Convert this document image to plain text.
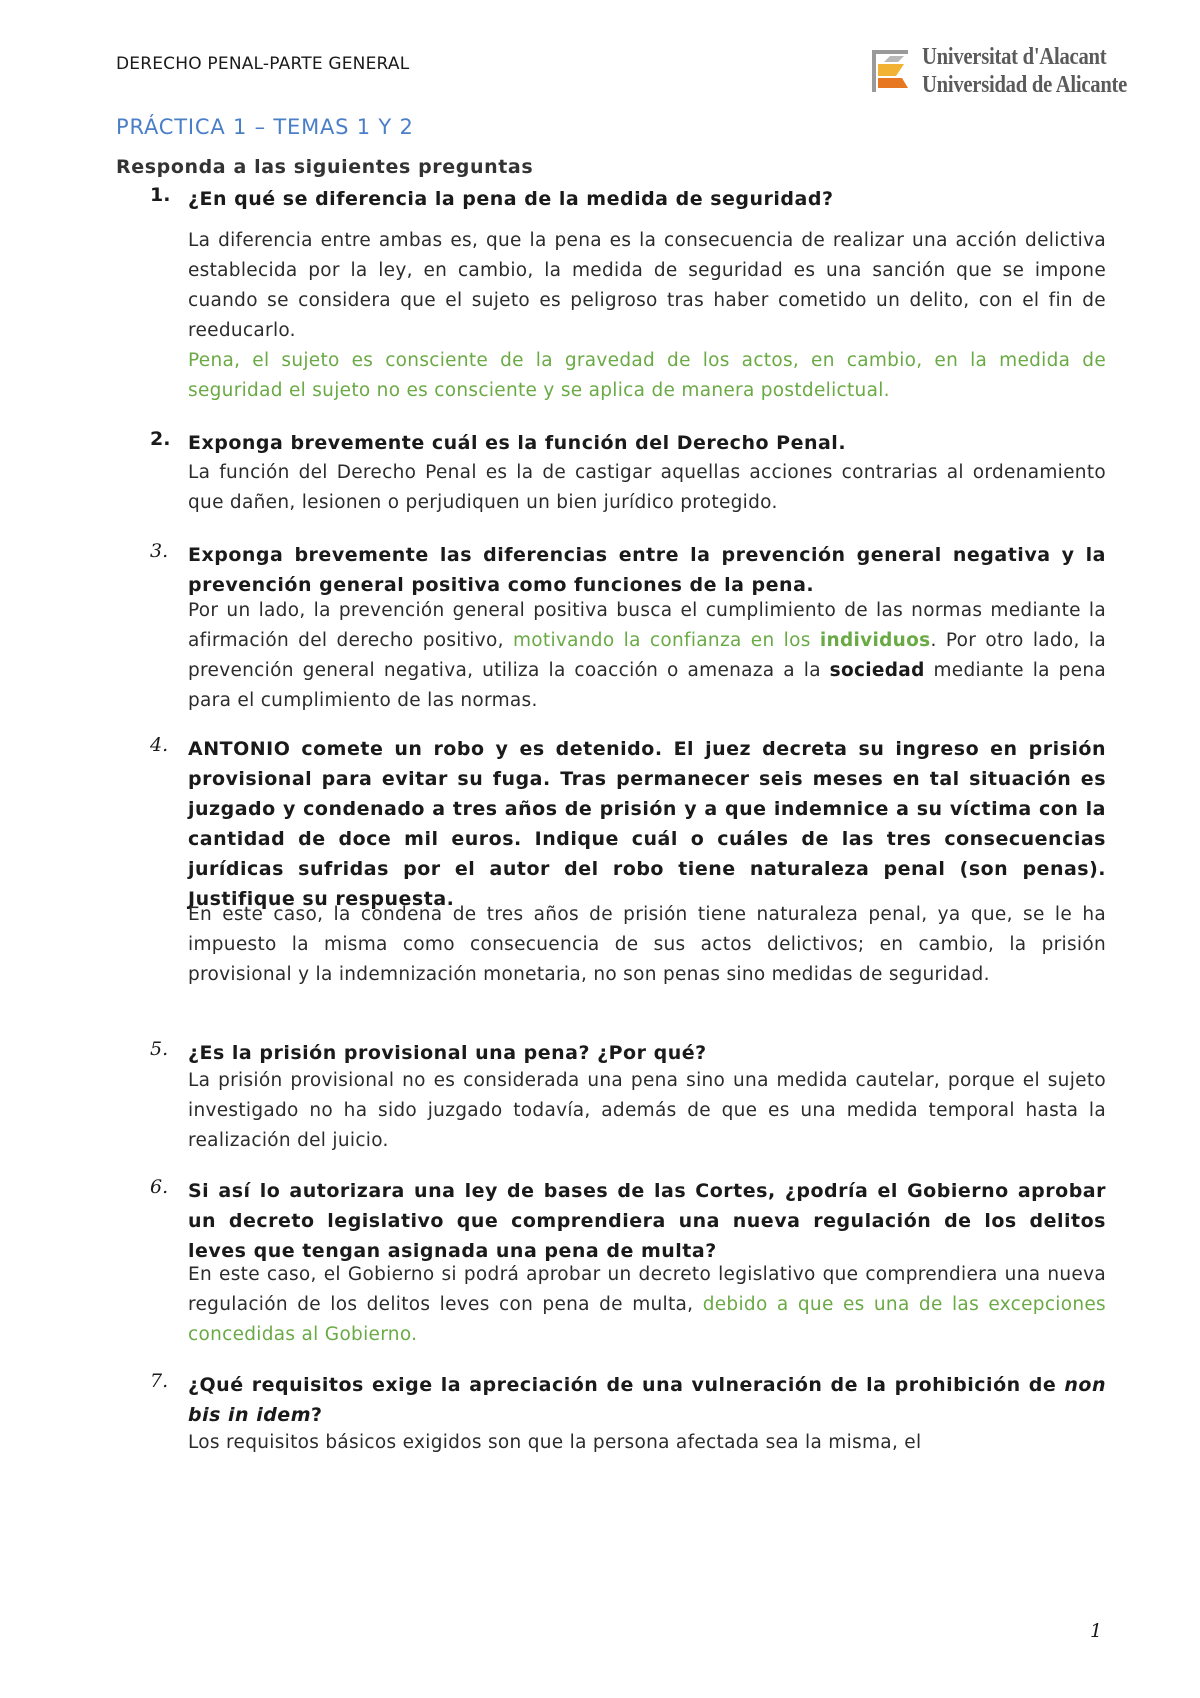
DERECHO PENAL-PARTE GENERAL	Universitat d'Alacant
Universidad de Alicante
PRÁCTICA 1 – TEMAS 1 Y 2
Responda a las siguientes preguntas
1. ¿En qué se diferencia la pena de la medida de seguridad?
La diferencia entre ambas es, que la pena es la consecuencia de realizar una acción delictiva establecida por la ley, en cambio, la medida de seguridad es una sanción que se impone cuando se considera que el sujeto es peligroso tras haber cometido un delito, con el fin de reeducarlo.
Pena, el sujeto es consciente de la gravedad de los actos, en cambio, en la medida de seguridad el sujeto no es consciente y se aplica de manera postdelictual.
2. Exponga brevemente cuál es la función del Derecho Penal.
La función del Derecho Penal es la de castigar aquellas acciones contrarias al ordenamiento que dañen, lesionen o perjudiquen un bien jurídico protegido.
3.	Exponga brevemente las diferencias entre la prevención general negativa y la prevención general positiva como funciones de la pena.
Por un lado, la prevención general positiva busca el cumplimiento de las normas mediante la afirmación del derecho positivo, motivando la confianza en los individuos. Por otro lado, la prevención general negativa, utiliza la coacción o amenaza a la sociedad mediante la pena para el cumplimiento de las normas.
4.	ANTONIO comete un robo y es detenido. El juez decreta su ingreso en prisión provisional para evitar su fuga. Tras permanecer seis meses en tal situación es juzgado y condenado a tres años de prisión y a que indemnice a su víctima con la cantidad de doce mil euros. Indique cuál o cuáles de las tres consecuencias jurídicas sufridas por el autor del robo tiene naturaleza penal (son penas). Justifique su respuesta.
En este caso, la condena de tres años de prisión tiene naturaleza penal, ya que, se le ha impuesto la misma como consecuencia de sus actos delictivos; en cambio, la prisión provisional y la indemnización monetaria, no son penas sino medidas de seguridad.
5.	¿Es la prisión provisional una pena? ¿Por qué?
La prisión provisional no es considerada una pena sino una medida cautelar, porque el sujeto investigado no ha sido juzgado todavía, además de que es una medida temporal hasta la realización del juicio.
6.	Si así lo autorizara una ley de bases de las Cortes, ¿podría el Gobierno aprobar un decreto legislativo que comprendiera una nueva regulación de los delitos leves que tengan asignada una pena de multa?
En este caso, el Gobierno si podrá aprobar un decreto legislativo que comprendiera una nueva regulación de los delitos leves con pena de multa, debido a que es una de las excepciones concedidas al Gobierno.
7.	¿Qué requisitos exige la apreciación de una vulneración de la prohibición de non bis in idem?
Los requisitos básicos exigidos son que la persona afectada sea la misma, el
1
